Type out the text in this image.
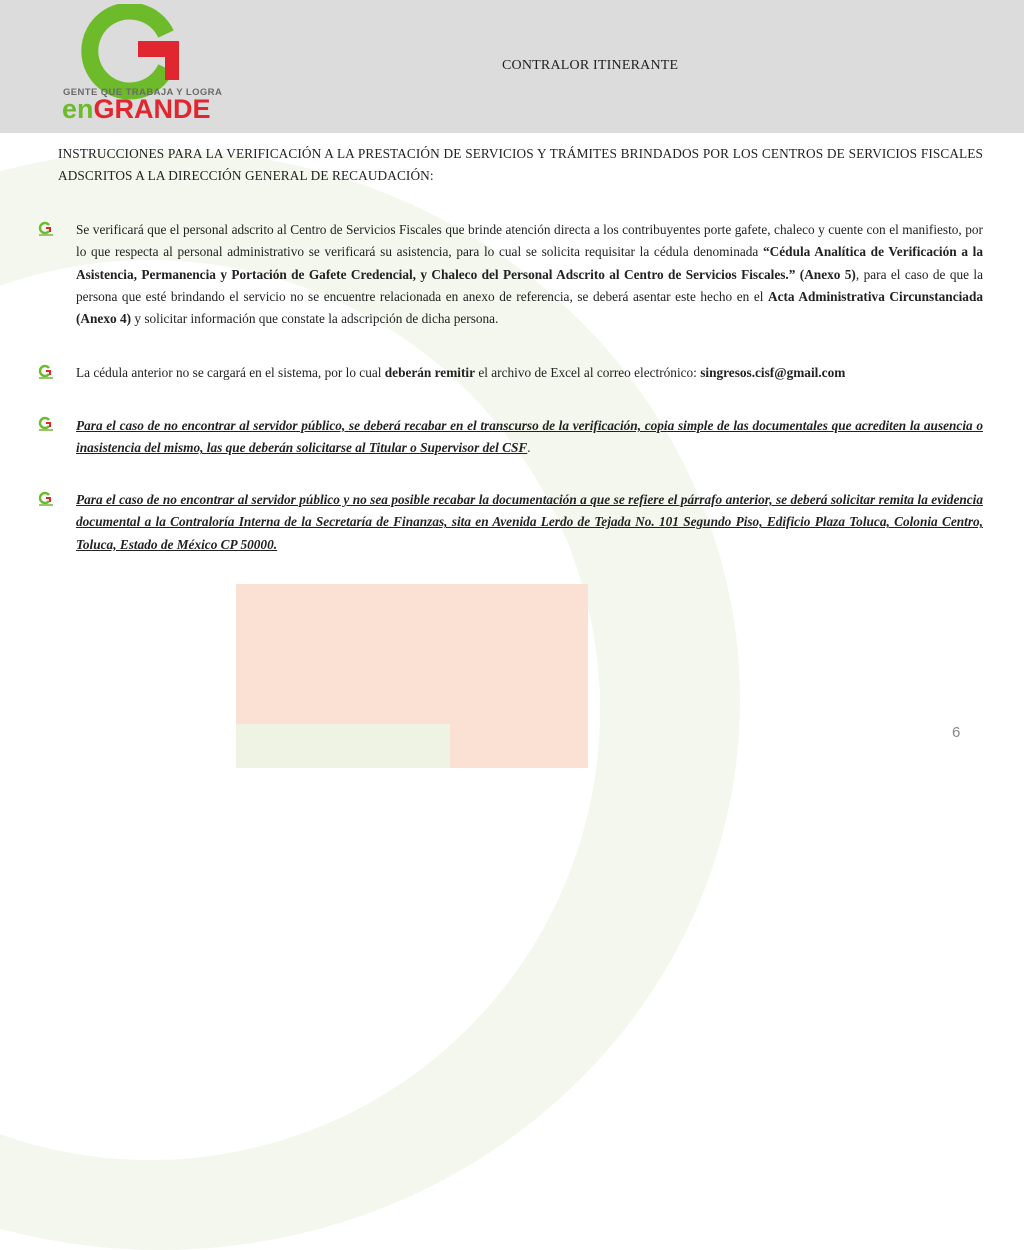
GENTE QUE TRABAJA Y LOGRA
enGRANDE
CONTRALOR ITINERANTE
INSTRUCCIONES PARA LA VERIFICACIÓN A LA PRESTACIÓN DE SERVICIOS Y TRÁMITES BRINDADOS POR LOS CENTROS DE SERVICIOS FISCALES ADSCRITOS A LA DIRECCIÓN GENERAL DE RECAUDACIÓN:
Se verificará que el personal adscrito al Centro de Servicios Fiscales que brinde atención directa a los contribuyentes porte gafete, chaleco y cuente con el manifiesto, por lo que respecta al personal administrativo se verificará su asistencia, para lo cual se solicita requisitar la cédula denominada “Cédula Analítica de Verificación a la Asistencia, Permanencia y Portación de Gafete Credencial, y Chaleco del Personal Adscrito al Centro de Servicios Fiscales.” (Anexo 5), para el caso de que la persona que esté brindando el servicio no se encuentre relacionada en anexo de referencia, se deberá asentar este hecho en el Acta Administrativa Circunstanciada (Anexo 4) y solicitar información que constate la adscripción de dicha persona.
La cédula anterior no se cargará en el sistema, por lo cual deberán remitir el archivo de Excel al correo electrónico: singresos.cisf@gmail.com
Para el caso de no encontrar al servidor público, se deberá recabar en el transcurso de la verificación, copia simple de las documentales que acrediten la ausencia o inasistencia del mismo, las que deberán solicitarse al Titular o Supervisor del CSF.
Para el caso de no encontrar al servidor público y no sea posible recabar la documentación a que se refiere el párrafo anterior, se deberá solicitar remita la evidencia documental a la Contraloría Interna de la Secretaría de Finanzas, sita en Avenida Lerdo de Tejada No. 101 Segundo Piso, Edificio Plaza Toluca, Colonia Centro, Toluca, Estado de México CP 50000.
6
